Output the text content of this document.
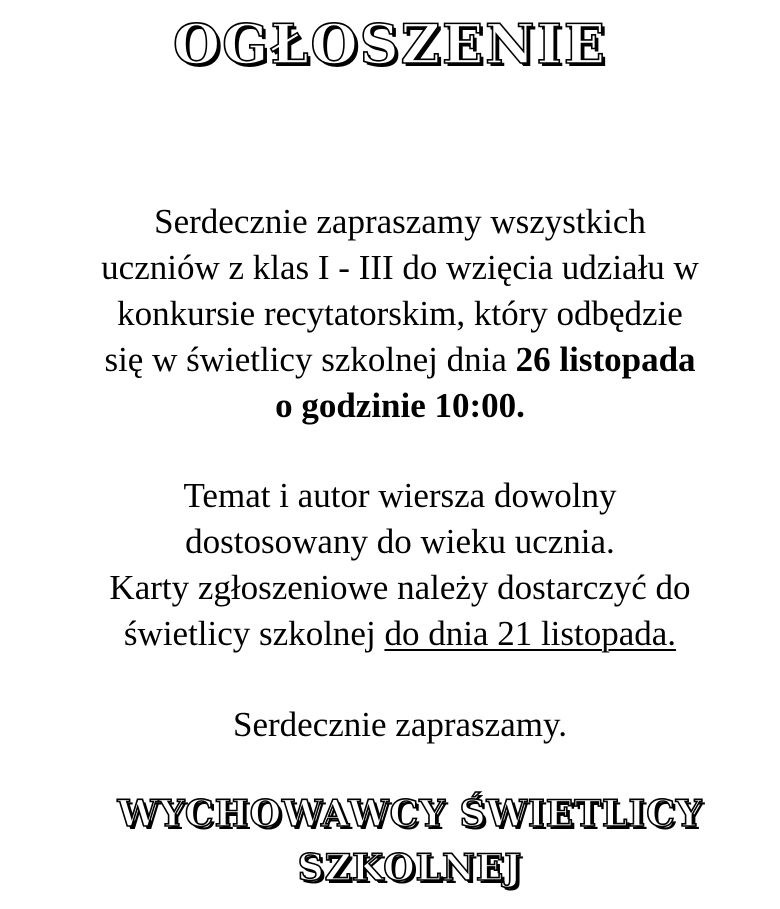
OGŁOSZENIE
Serdecznie zapraszamy wszystkich
uczniów z klas I - III do wzięcia udziału w
konkursie recytatorskim, który odbędzie
się w świetlicy szkolnej dnia 26 listopada
o godzinie 10:00.
Temat i autor wiersza dowolny
dostosowany do wieku ucznia.
Karty zgłoszeniowe należy dostarczyć do
świetlicy szkolnej do dnia 21 listopada.
Serdecznie zapraszamy.
WYCHOWAWCY ŚWIETLICY
SZKOLNEJ
